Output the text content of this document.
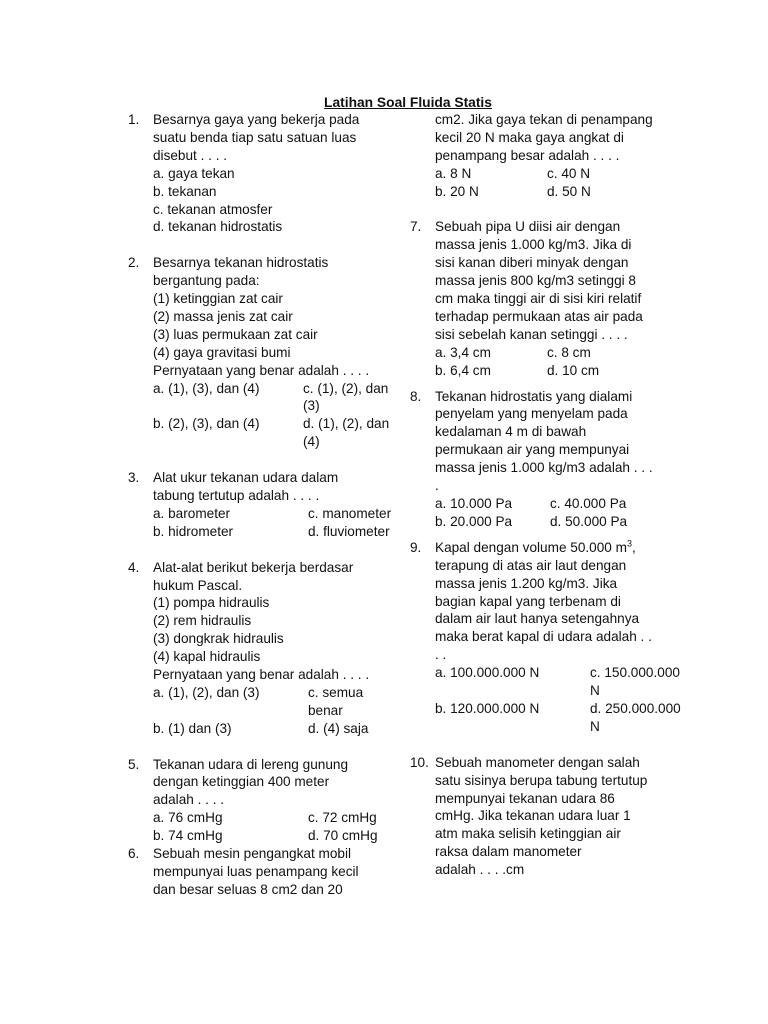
Latihan Soal Fluida Statis
1. Besarnya gaya yang bekerja pada
suatu benda tiap satu satuan luas
disebut . . . .
a. gaya tekan
b. tekanan
c. tekanan atmosfer
d. tekanan hidrostatis
2. Besarnya tekanan hidrostatis
bergantung pada:
(1) ketinggian zat cair
(2) massa jenis zat cair
(3) luas permukaan zat cair
(4) gaya gravitasi bumi
Pernyataan yang benar adalah . . . .
a. (1), (3), dan (4)	c. (1), (2), dan (3)
b. (2), (3), dan (4)	d. (1), (2), dan (4)
3. Alat ukur tekanan udara dalam
tabung tertutup adalah . . . .
a. barometer	c. manometer
b. hidrometer	d. fluviometer
4. Alat-alat berikut bekerja berdasar
hukum Pascal.
(1) pompa hidraulis
(2) rem hidraulis
(3) dongkrak hidraulis
(4) kapal hidraulis
Pernyataan yang benar adalah . . . .
a. (1), (2), dan (3)	c. semua benar
b. (1) dan (3)	d. (4) saja
5. Tekanan udara di lereng gunung
dengan ketinggian 400 meter
adalah . . . .
a. 76 cmHg	c. 72 cmHg
b. 74 cmHg	d. 70 cmHg
6. Sebuah mesin pengangkat mobil
mempunyai luas penampang kecil
dan besar seluas 8 cm2 dan 20
cm2. Jika gaya tekan di penampang
kecil 20 N maka gaya angkat di
penampang besar adalah . . . .
a. 8 N	c. 40 N
b. 20 N	d. 50 N
7. Sebuah pipa U diisi air dengan
massa jenis 1.000 kg/m3. Jika di
sisi kanan diberi minyak dengan
massa jenis 800 kg/m3 setinggi 8
cm maka tinggi air di sisi kiri relatif
terhadap permukaan atas air pada
sisi sebelah kanan setinggi . . . .
a. 3,4 cm	c. 8 cm
b. 6,4 cm	d. 10 cm
8. Tekanan hidrostatis yang dialami
penyelam yang menyelam pada
kedalaman 4 m di bawah
permukaan air yang mempunyai
massa jenis 1.000 kg/m3 adalah . . .
.
a. 10.000 Pa	c. 40.000 Pa
b. 20.000 Pa	d. 50.000 Pa
9. Kapal dengan volume 50.000 $m^3$,
terapung di atas air laut dengan
massa jenis 1.200 kg/m3. Jika
bagian kapal yang terbenam di
dalam air laut hanya setengahnya
maka berat kapal di udara adalah . .
. .
a. 100.000.000 N	c. 150.000.000 N
b. 120.000.000 N	d. 250.000.000 N
10. Sebuah manometer dengan salah
satu sisinya berupa tabung tertutup
mempunyai tekanan udara 86
cmHg. Jika tekanan udara luar 1
atm maka selisih ketinggian air
raksa dalam manometer
adalah . . . .cm
